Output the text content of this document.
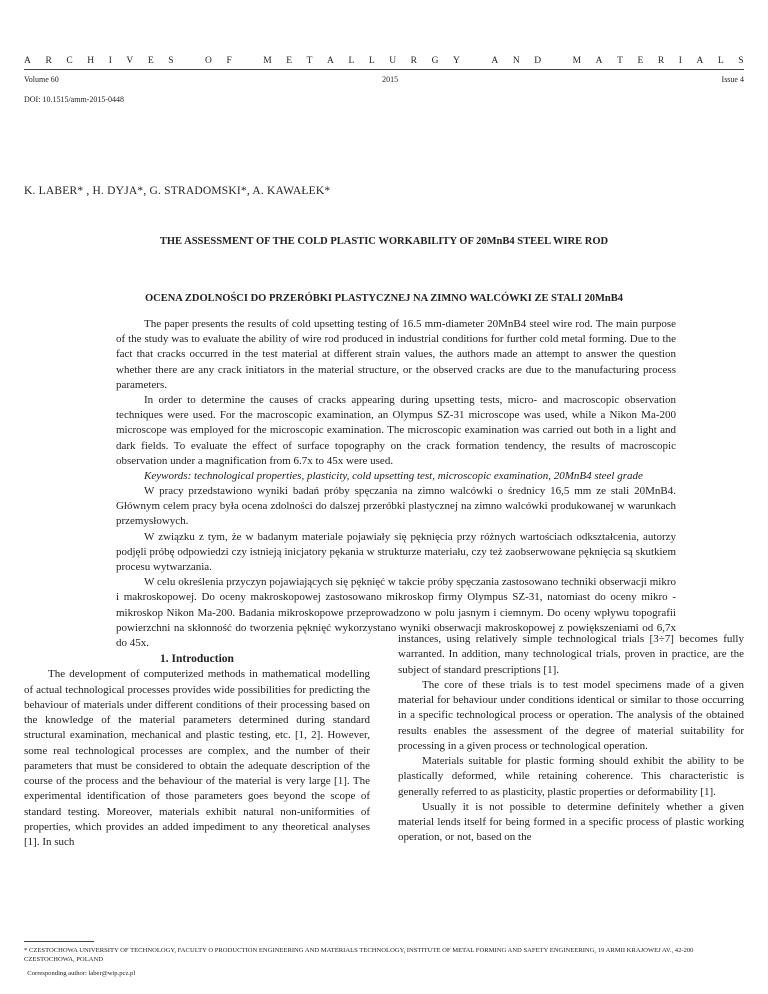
A R C H I V E S
	O F
	M E T A L L U R G Y
	A N D
	M A T E R I A L S
Volume 60	2015	Issue 4
DOI: 10.1515/amm-2015-0448
K. LABER* , H. DYJA*, G. STRADOMSKI*, A. KAWAŁEK*
THE ASSESSMENT OF THE COLD PLASTIC WORKABILITY OF 20MnB4 STEEL WIRE ROD
OCENA ZDOLNOŚCI DO PRZERÓBKI PLASTYCZNEJ NA ZIMNO WALCÓWKI ZE STALI 20MnB4

The paper presents the results of cold upsetting testing of 16.5 mm-diameter 20MnB4 steel wire rod. The main purpose of the study was to evaluate the ability of wire rod produced in industrial conditions for further cold metal forming. Due to the fact that cracks occurred in the test material at different strain values, the authors made an attempt to answer the question whether there are any crack initiators in the material structure, or the observed cracks are due to the manufacturing process parameters.

In order to determine the causes of cracks appearing during upsetting tests, micro- and macroscopic observation techniques were used. For the macroscopic examination, an Olympus SZ-31 microscope was used, while a Nikon Ma-200 microscope was employed for the microscopic examination. The microscopic examination was carried out both in a light and dark fields. To evaluate the effect of surface topography on the crack formation tendency, the results of macroscopic observation under a magnification from 6.7x to 45x were used.

Keywords: technological properties, plasticity, cold upsetting test, microscopic examination, 20MnB4 steel grade

W pracy przedstawiono wyniki badań próby spęczania na zimno walcówki o średnicy 16,5 mm ze stali 20MnB4. Głównym celem pracy była ocena zdolności do dalszej przeróbki plastycznej na zimno walcówki produkowanej w warunkach przemysłowych.

W związku z tym, że w badanym materiale pojawiały się pęknięcia przy różnych wartościach odkształcenia, autorzy podjęli próbę odpowiedzi czy istnieją inicjatory pękania w strukturze materiału, czy też zaobserwowane pęknięcia są skutkiem procesu wytwarzania.

W celu określenia przyczyn pojawiających się pęknięć w takcie próby spęczania zastosowano techniki obserwacji mikro i makroskopowej. Do oceny makroskopowej zastosowano mikroskop firmy Olympus SZ-31, natomiast do oceny mikro - mikroskop Nikon Ma-200. Badania mikroskopowe przeprowadzono w polu jasnym i ciemnym. Do oceny wpływu topografii powierzchni na skłonność do tworzenia pęknięć wykorzystano wyniki obserwacji makroskopowej z powiększeniami od 6,7x do 45x.

1. Introduction

The development of computerized methods in mathematical modelling of actual technological processes provides wide possibilities for predicting the behaviour of materials under different conditions of their processing based on the knowledge of the material parameters determined during standard structural examination, mechanical and plastic testing, etc. [1, 2]. However, some real technological processes are complex, and the number of their parameters that must be considered to obtain the adequate description of the course of the process and the behaviour of the material is very large [1]. The experimental identification of those parameters goes beyond the scope of standard testing. Moreover, materials exhibit natural non-uniformities of properties, which provides an added impediment to any theoretical analyses [1]. In such

instances, using relatively simple technological trials [3÷7] becomes fully warranted. In addition, many technological trials, proven in practice, are the subject of standard prescriptions [1].

The core of these trials is to test model specimens made of a given material for behaviour under conditions identical or similar to those occurring in a specific technological process or operation. The analysis of the obtained results enables the assessment of the degree of material suitability for processing in a given process or technological operation.

Materials suitable for plastic forming should exhibit the ability to be plastically deformed, while retaining coherence. This characteristic is generally referred to as plasticity, plastic properties or deformability [1].

Usually it is not possible to determine definitely whether a given material lends itself for being formed in a specific process of plastic working operation, or not, based on the

* CZESTOCHOWA UNIVERSITY OF TECHNOLOGY, FACULTY O PRODUCTION ENGINEERING AND MATERIALS TECHNOLOGY, INSTITUTE OF METAL FORMING AND SAFETY ENGINEERING, 19 ARMII KRAJOWEJ AV., 42-200 CZESTOCHOWA, POLAND
  Corresponding author: laber@wip.pcz.pl
